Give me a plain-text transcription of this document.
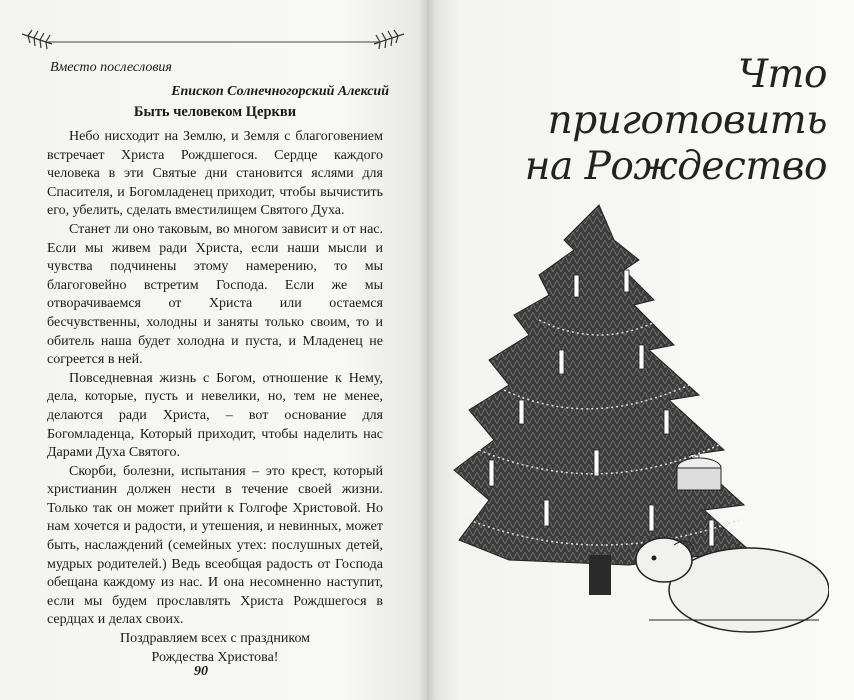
Вместо послесловия
Епископ Солнечногорский Алексий
Быть человеком Церкви

Небо нисходит на Землю, и Земля с благоговением встречает Христа Рождшегося. Сердце каждого человека в эти Святые дни становится яслями для Спасителя, и Богомладенец приходит, чтобы вычистить его, убелить, сделать вместилищем Святого Духа.

Станет ли оно таковым, во многом зависит и от нас. Если мы живем ради Христа, если наши мысли и чувства подчинены этому намерению, то мы благоговейно встретим Господа. Если же мы отворачиваемся от Христа или остаемся бесчувственны, холодны и заняты только своим, то и обитель наша будет холодна и пуста, и Младенец не согреется в ней.

Повседневная жизнь с Богом, отношение к Нему, дела, которые, пусть и невелики, но, тем не менее, делаются ради Христа, – вот основание для Богомладенца, Который приходит, чтобы наделить нас Дарами Духа Святого.

Скорби, болезни, испытания – это крест, который христианин должен нести в течение своей жизни. Только так он может прийти к Голгофе Христовой. Но нам хочется и радости, и утешения, и невинных, может быть, наслаждений (семейных утех: послушных детей, мудрых родителей.) Ведь всеобщая радость от Господа обещана каждому из нас. И она несомненно наступит, если мы будем прославлять Христа Рождшегося в сердцах и делах своих.

Поздравляем всех с праздником

Рождества Христова!

90
Что приготовить
на Рождество
